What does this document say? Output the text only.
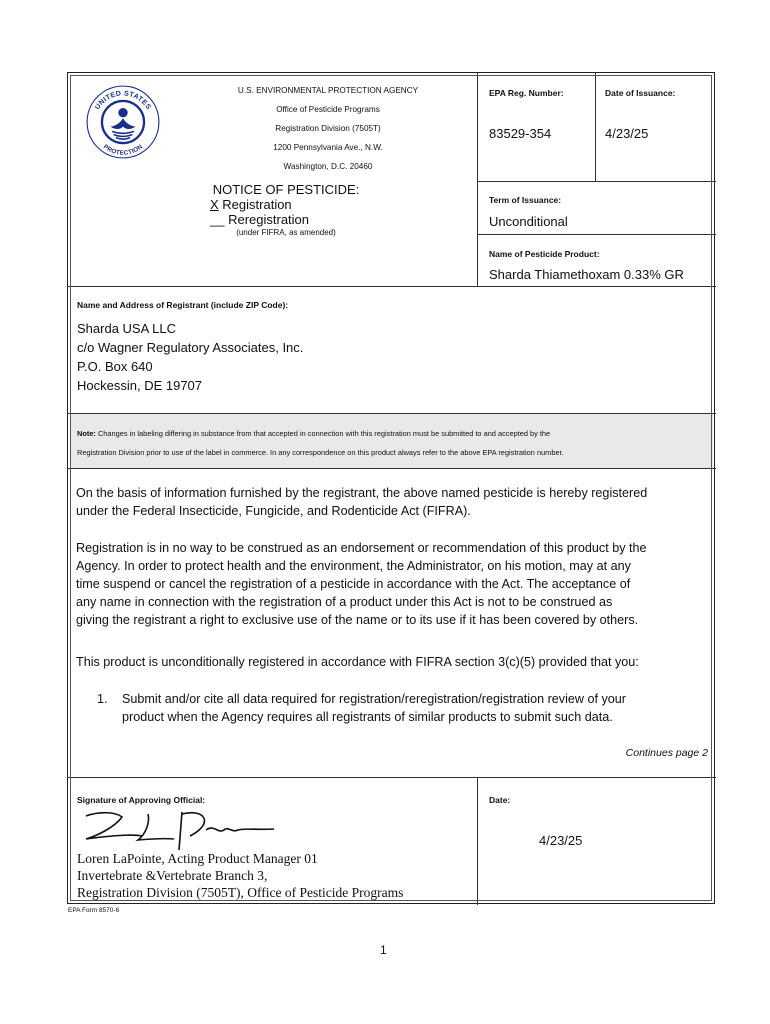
UNITED STATES
PROTECTION
U.S. ENVIRONMENTAL PROTECTION AGENCY
Office of Pesticide Programs
Registration Division (7505T)
1200 Pennsylvania Ave., N.W.
Washington, D.C. 20460
NOTICE OF PESTICIDE:
X Registration
__ Reregistration
(under FIFRA, as amended)
EPA Reg. Number:
83529-354
Date of Issuance:
4/23/25
Term of Issuance:
Unconditional
Name of Pesticide Product:
Sharda Thiamethoxam 0.33% GR
Name and Address of Registrant (include ZIP Code):
Sharda USA LLC
c/o Wagner Regulatory Associates, Inc.
P.O. Box 640
Hockessin, DE 19707
Note: Changes in labeling differing in substance from that accepted in connection with this registration must be submitted to and accepted by the
Registration Division prior to use of the label in commerce. In any correspondence on this product always refer to the above EPA registration number.
On the basis of information furnished by the registrant, the above named pesticide is hereby registered
under the Federal Insecticide, Fungicide, and Rodenticide Act (FIFRA).
Registration is in no way to be construed as an endorsement or recommendation of this product by the
Agency. In order to protect health and the environment, the Administrator, on his motion, may at any
time suspend or cancel the registration of a pesticide in accordance with the Act. The acceptance of
any name in connection with the registration of a product under this Act is not to be construed as
giving the registrant a right to exclusive use of the name or to its use if it has been covered by others.
This product is unconditionally registered in accordance with FIFRA section 3(c)(5) provided that you:
1. Submit and/or cite all data required for registration/reregistration/registration review of your
product when the Agency requires all registrants of similar products to submit such data.
Continues page 2
Signature of Approving Official:
Loren LaPointe, Acting Product Manager 01
Invertebrate &Vertebrate Branch 3,
Registration Division (7505T), Office of Pesticide Programs
Date:
4/23/25
EPA Form 8570-6
1
